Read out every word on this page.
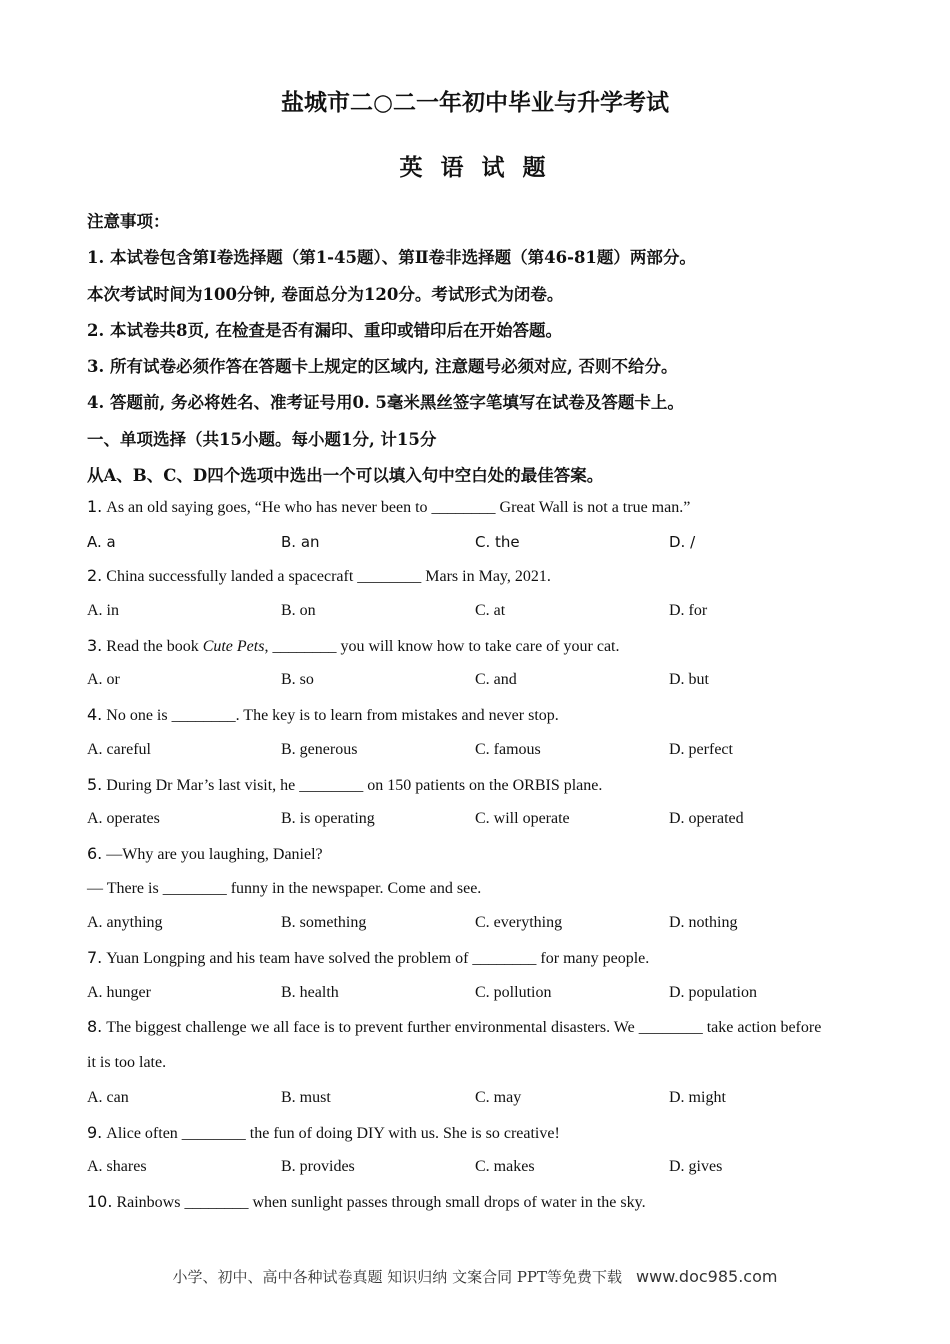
盐城市二○二一年初中毕业与升学考试
英 语 试 题
注意事项：
1. 本试卷包含第Ⅰ卷选择题（第1-45题）、第Ⅱ卷非选择题（第46-81题）两部分。
本次考试时间为100分钟, 卷面总分为120分。考试形式为闭卷。
2. 本试卷共8页, 在检查是否有漏印、重印或错印后在开始答题。
3. 所有试卷必须作答在答题卡上规定的区域内, 注意题号必须对应, 否则不给分。
4. 答题前, 务必将姓名、准考证号用0. 5毫米黑丝签字笔填写在试卷及答题卡上。
一、单项选择（共15小题。每小题1分, 计15分
从A、B、C、D四个选项中选出一个可以填入句中空白处的最佳答案。
1. As an old saying goes, “He who has never been to ________ Great Wall is not a true man.”
A. a	B. an	C. the	D. /
2. China successfully landed a spacecraft ________ Mars in May, 2021.
A. in	B. on	C. at	D. for
3. Read the book Cute Pets, ________ you will know how to take care of your cat.
A. or	B. so	C. and	D. but
4. No one is ________. The key is to learn from mistakes and never stop.
A. careful	B. generous	C. famous	D. perfect
5. During Dr Mar’s last visit, he ________ on 150 patients on the ORBIS plane.
A. operates	B. is operating	C. will operate	D. operated
6. —Why are you laughing, Daniel?
— There is ________ funny in the newspaper. Come and see.
A. anything	B. something	C. everything	D. nothing
7. Yuan Longping and his team have solved the problem of ________ for many people.
A. hunger	B. health	C. pollution	D. population
8. The biggest challenge we all face is to prevent further environmental disasters. We ________ take action before
it is too late.
A. can	B. must	C. may	D. might
9. Alice often ________ the fun of doing DIY with us. She is so creative!
A. shares	B. provides	C. makes	D. gives
10. Rainbows ________ when sunlight passes through small drops of water in the sky.
小学、初中、高中各种试卷真题 知识归纳 文案合同 PPT等免费下载 www.doc985.com
